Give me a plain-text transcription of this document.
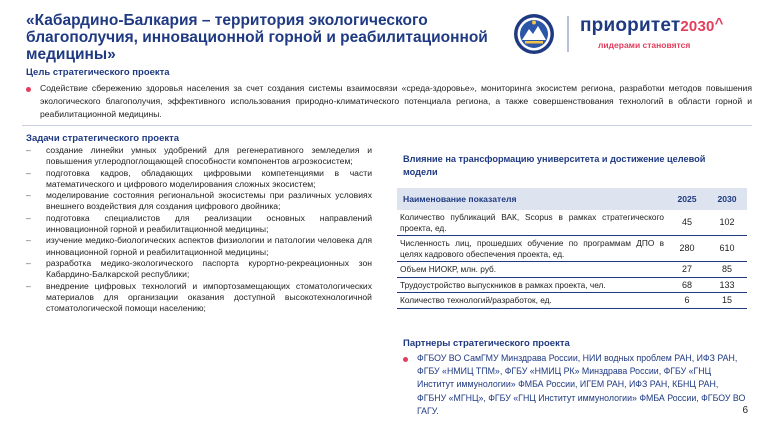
«Кабардино-Балкария – территория экологического благополучия, инновационной горной и реабилитационной медицины»
приоритет2030^
лидерами становятся
Цель стратегического проекта
Содействие сбережению здоровья населения за счет создания системы взаимосвязи «среда-здоровье», мониторинга экосистем региона, разработки методов повышения экологического благополучия, эффективного использования природно-климатического потенциала региона, а также совершенствования технологий в области горной и реабилитационной медицины.
Задачи стратегического проекта
– создание линейки умных удобрений для регенеративного земледелия и повышения углеродпоглощающей способности компонентов агроэкосистем;
– подготовка кадров, обладающих цифровыми компетенциями в части математического и цифрового моделирования сложных экосистем;
– моделирование состояния региональной экосистемы при различных условиях внешнего воздействия для создания цифрового двойника;
– подготовка специалистов для реализации основных направлений инновационной горной и реабилитационной медицины;
– изучение медико-биологических аспектов физиологии и патологии человека для инновационной горной и реабилитационной медицины;
– разработка медико-экологического паспорта курортно-рекреационных зон Кабардино-Балкарской республики;
– внедрение цифровых технологий и импортозамещающих стоматологических материалов для организации оказания доступной высокотехнологичной стоматологической помощи населению;
Влияние на трансформацию университета и достижение целевой модели
Наименование показателя	2025	2030
Количество публикаций ВАК, Scopus в рамках стратегического проекта, ед.	45	102
Численность лиц, прошедших обучение по программам ДПО в целях кадрового обеспечения проекта, ед.	280	610
Объем НИОКР, млн. руб.	27	85
Трудоустройство выпускников в рамках проекта, чел.	68	133
Количество технологий/разработок, ед.	6	15
Партнеры стратегического проекта
ФГБОУ ВО СамГМУ Минздрава России, НИИ водных проблем РАН, ИФЗ РАН, ФГБУ «НМИЦ ТПМ», ФГБУ «НМИЦ РК» Минздрава России, ФГБУ «ГНЦ Институт иммунологии» ФМБА России, ИГЕМ РАН, ИФЗ РАН, КБНЦ РАН, ФГБНУ «МГНЦ», ФГБУ «ГНЦ Институт иммунологии» ФМБА России, ФГБОУ ВО ГАГУ.	6
